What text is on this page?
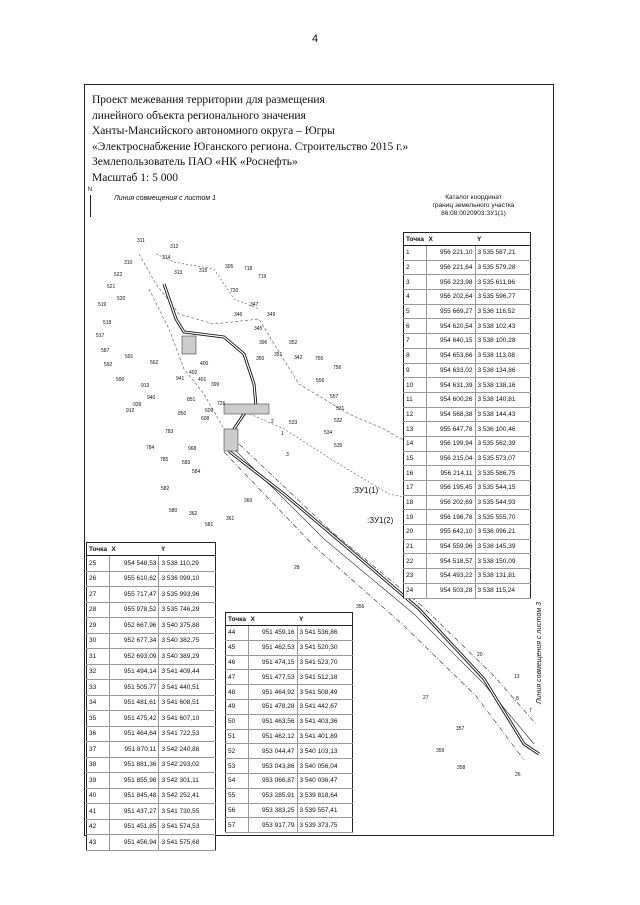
4
Проект межевания территории для размещения
линейного объекта регионального значения
Ханты-Мансийского автономного округа – Югры
«Электроснабжение Юганского региона. Строительство 2015 г.»
Землепользователь ПАО «НК «Роснефть»
Масштаб 1: 5 000
N
Линия совмещения с листом 1
Линия совмещения с листом 3
311
312
314
305 718
719
310
313	315
720
522
347
521
346	349
520
345
519
518
517
396	352
587
591
400
351 342	755
592	562
402
350
756
590	941	401	556
913	399
940	851	557
939
912
726
531
850	609
533
608	532
783	534
535
784	968
785	583
584
582
360
580 362
361
581
28
356
20
13
8
27
357
359
358
26
7
2
1
3
:ЗУ1(1)
:ЗУ1(2)
Каталог координат
границ земельного участка
86:08:0020903:ЗУ1(1)
Точка	X	Y
1	956 221,10	3 535 587,21
2	956 221,64	3 535 579,28
3	956 223,98	3 535 611,86
4	956 202,64	3 535 596,77
5	955 669,27	3 536 116,52
6	954 620,54	3 538 102,43
7	954 640,15	3 538 100,28
8	954 653,66	3 538 113,08
9	954 633,02	3 538 134,86
10	954 631,39	3 538 138,16
11	954 600,26	3 538 140,81
12	954 568,38	3 538 144,43
13	955 647,78	3 536 100,46
14	956 199,94	3 535 562,39
15	956 215,04	3 535 573,07
16	956 214,11	3 535 586,75
17	956 195,45	3 535 544,15
18	956 202,69	3 535 544,93
19	956 196,78	3 535 555,70
20	955 642,10	3 536 096,21
21	954 559,96	3 538 145,39
22	954 518,57	3 538 150,09
23	954 493,22	3 538 131,81
24	954 503,28	3 538 115,24
Точка	X	Y
25	954 548,53	3 538 110,29
26	955 610,62	3 536 099,10
27	955 717,47	3 535 993,96
28	955 978,52	3 535 746,29
29	952 667,96	3 540 375,88
30	952 677,34	3 540 382,75
31	952 693,09	3 540 389,29
32	951 494,14	3 541 409,44
33	951 505,77	3 541 440,51
34	951 481,61	3 541 608,51
35	951 475,42	3 541 607,10
36	951 464,64	3 541 722,53
37	951 870,11	3 542 240,88
38	951 881,36	3 542 293,02
39	951 855,98	3 542 301,11
40	951 845,48	3 542 252,41
41	951 437,27	3 541 730,55
42	951 451,85	3 541 574,53
43	951 456,94	3 541 575,68
Точка	X	Y
44	951 459,16	3 541 536,86
45	951 462,53	3 541 520,30
46	951 474,15	3 541 523,70
47	951 477,53	3 541 512,18
48	951 464,92	3 541 508,49
49	951 478,28	3 541 442,67
50	951 463,56	3 541 403,36
51	951 462,12	3 541 401,89
52	953 044,47	3 540 103,13
53	953 043,86	3 540 056,04
54	953 066,87	3 540 036,47
55	953 285,91	3 539 818,64
56	953 383,25	3 539 557,41
57	953 917,79	3 539 373,75
